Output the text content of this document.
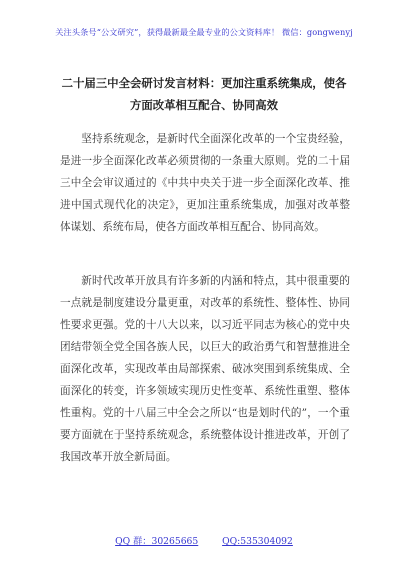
关注头条号“公文研究”，获得最新最全最专业的公文资料库！ 微信：gongwenyj
二十届三中全会研讨发言材料：更加注重系统集成，使各
方面改革相互配合、协同高效
坚持系统观念，是新时代全面深化改革的一个宝贵经验，是进一步全面深化改革必须贯彻的一条重大原则。党的二十届三中全会审议通过的《中共中央关于进一步全面深化改革、推进中国式现代化的决定》，更加注重系统集成，加强对改革整体谋划、系统布局，使各方面改革相互配合、协同高效。
新时代改革开放具有许多新的内涵和特点，其中很重要的一点就是制度建设分量更重，对改革的系统性、整体性、协同性要求更强。党的十八大以来，以习近平同志为核心的党中央团结带领全党全国各族人民，以巨大的政治勇气和智慧推进全面深化改革，实现改革由局部探索、破冰突围到系统集成、全面深化的转变，许多领域实现历史性变革、系统性重塑、整体性重构。党的十八届三中全会之所以“也是划时代的”，一个重要方面就在于坚持系统观念，系统整体设计推进改革，开创了我国改革开放全新局面。
QQ 群：30265665	QQ:535304092
